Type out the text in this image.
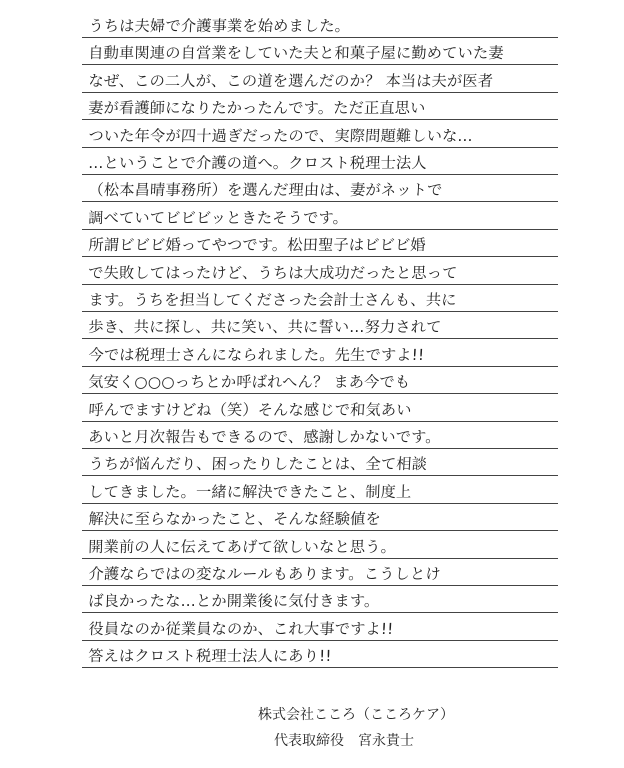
うちは夫婦で介護事業を始めました。
自動車関連の自営業をしていた夫と和菓子屋に勤めていた妻
なぜ、この二人が、この道を選んだのか？ 本当は夫が医者
妻が看護師になりたかったんです。ただ正直思い
ついた年令が四十過ぎだったので、実際問題難しいな…
…ということで介護の道へ。クロスト税理士法人
（松本昌晴事務所）を選んだ理由は、妻がネットで
調べていてビビビッときたそうです。
所謂ビビビ婚ってやつです。松田聖子はビビビ婚
で失敗してはったけど、うちは大成功だったと思って
ます。うちを担当してくださった会計士さんも、共に
歩き、共に探し、共に笑い、共に誓い…努力されて
今では税理士さんになられました。先生ですよ!!
気安く○○○っちとか呼ばれへん？ まあ今でも
呼んでますけどね（笑）そんな感じで和気あい
あいと月次報告もできるので、感謝しかないです。
うちが悩んだり、困ったりしたことは、全て相談
してきました。一緒に解決できたこと、制度上
解決に至らなかったこと、そんな経験値を
開業前の人に伝えてあげて欲しいなと思う。
介護ならではの変なルールもあります。こうしとけ
ば良かったな…とか開業後に気付きます。
役員なのか従業員なのか、これ大事ですよ!!
答えはクロスト税理士法人にあり!!
株式会社こころ（こころケア）
代表取締役　宮永貴士
